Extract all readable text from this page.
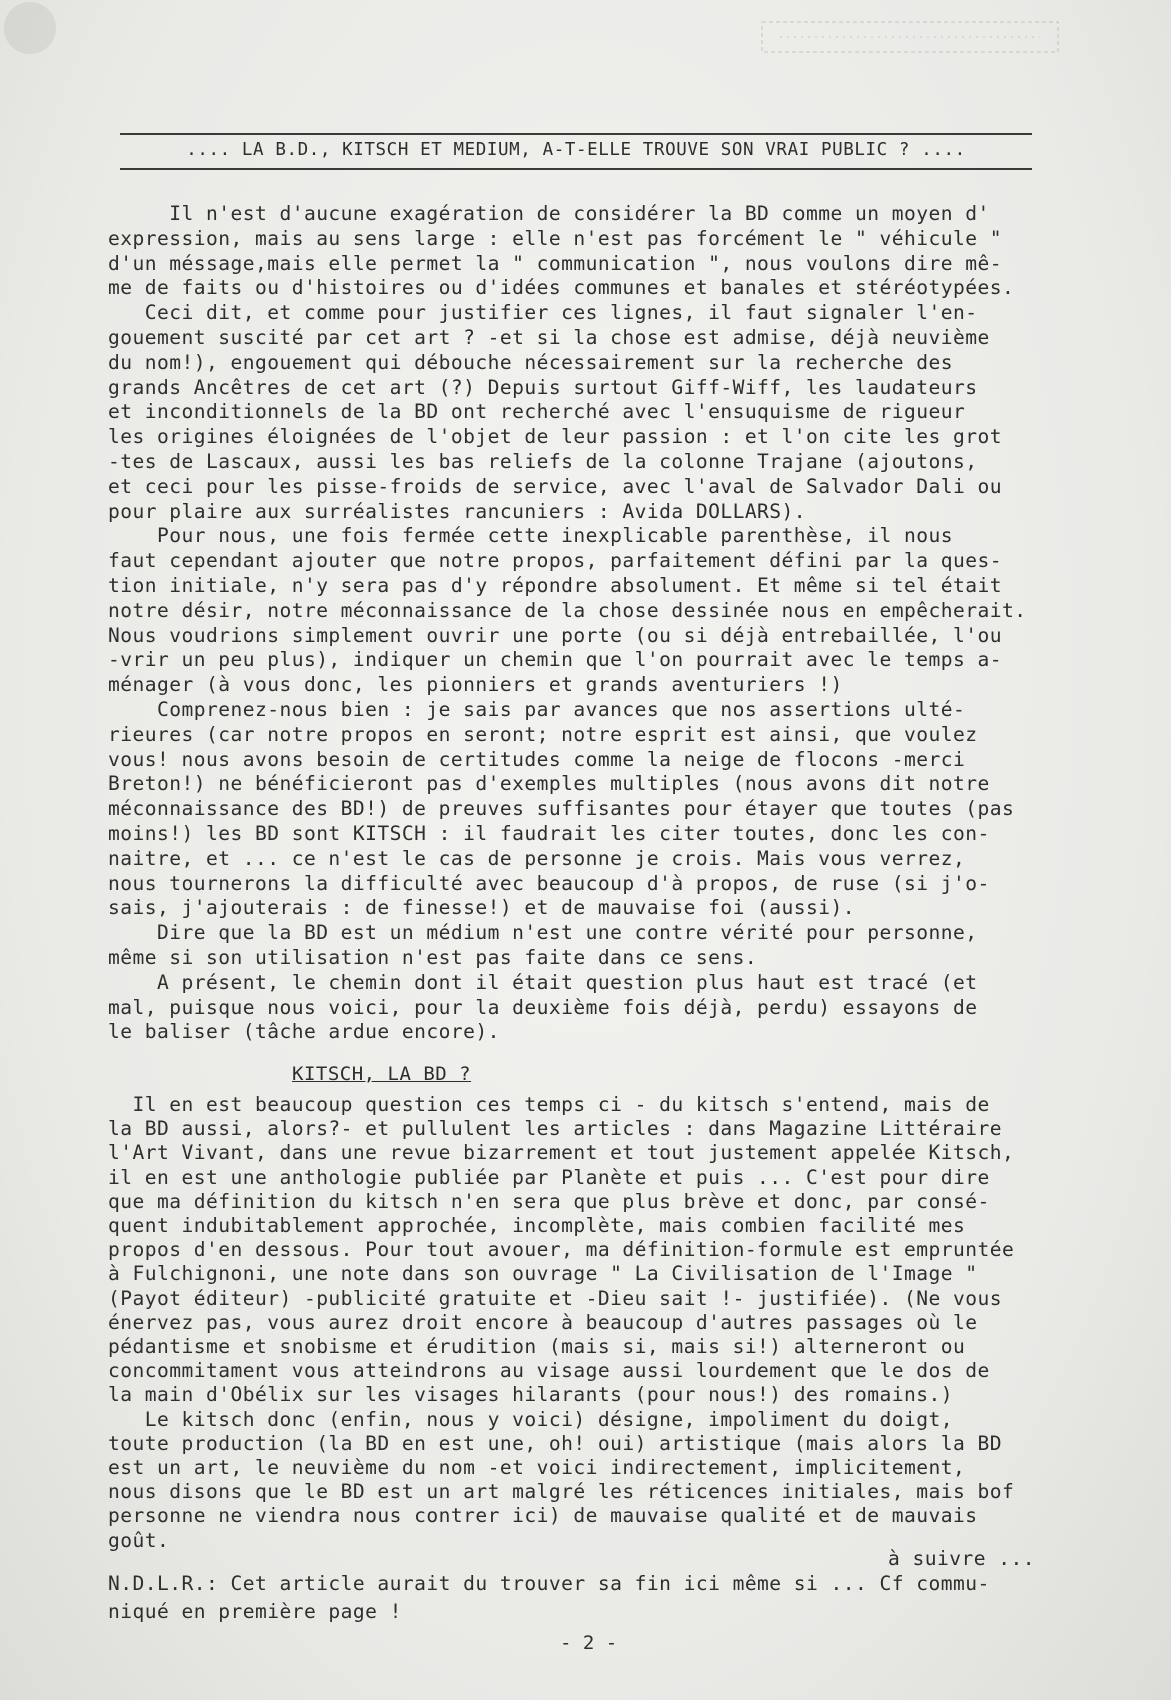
.... LA B.D., KITSCH ET MEDIUM, A-T-ELLE TROUVE SON VRAI PUBLIC ? ....
Il n'est d'aucune exagération de considérer la BD comme un moyen d'
expression, mais au sens large : elle n'est pas forcément le " véhicule "
d'un méssage,mais elle permet la " communication ", nous voulons dire mê-
me de faits ou d'histoires ou d'idées communes et banales et stéréotypées.
Ceci dit, et comme pour justifier ces lignes, il faut signaler l'en-
gouement suscité par cet art ? -et si la chose est admise, déjà neuvième
du nom!), engouement qui débouche nécessairement sur la recherche des
grands Ancêtres de cet art (?) Depuis surtout Giff-Wiff, les laudateurs
et inconditionnels de la BD ont recherché avec l'ensuquisme de rigueur
les origines éloignées de l'objet de leur passion : et l'on cite les grot
-tes de Lascaux, aussi les bas reliefs de la colonne Trajane (ajoutons,
et ceci pour les pisse-froids de service, avec l'aval de Salvador Dali ou
pour plaire aux surréalistes rancuniers : Avida DOLLARS).
Pour nous, une fois fermée cette inexplicable parenthèse, il nous
faut cependant ajouter que notre propos, parfaitement défini par la ques-
tion initiale, n'y sera pas d'y répondre absolument. Et même si tel était
notre désir, notre méconnaissance de la chose dessinée nous en empêcherait.
Nous voudrions simplement ouvrir une porte (ou si déjà entrebaillée, l'ou
-vrir un peu plus), indiquer un chemin que l'on pourrait avec le temps a-
ménager (à vous donc, les pionniers et grands aventuriers !)
Comprenez-nous bien : je sais par avances que nos assertions ulté-
rieures (car notre propos en seront; notre esprit est ainsi, que voulez
vous! nous avons besoin de certitudes comme la neige de flocons -merci
Breton!) ne bénéficieront pas d'exemples multiples (nous avons dit notre
méconnaissance des BD!) de preuves suffisantes pour étayer que toutes (pas
moins!) les BD sont KITSCH : il faudrait les citer toutes, donc les con-
naitre, et ... ce n'est le cas de personne je crois. Mais vous verrez,
nous tournerons la difficulté avec beaucoup d'à propos, de ruse (si j'o-
sais, j'ajouterais : de finesse!) et de mauvaise foi (aussi).
Dire que la BD est un médium n'est une contre vérité pour personne,
même si son utilisation n'est pas faite dans ce sens.
A présent, le chemin dont il était question plus haut est tracé (et
mal, puisque nous voici, pour la deuxième fois déjà, perdu) essayons de
le baliser (tâche ardue encore).
KITSCH, LA BD ?
Il en est beaucoup question ces temps ci - du kitsch s'entend, mais de
la BD aussi, alors?- et pullulent les articles : dans Magazine Littéraire
l'Art Vivant, dans une revue bizarrement et tout justement appelée Kitsch,
il en est une anthologie publiée par Planète et puis ... C'est pour dire
que ma définition du kitsch n'en sera que plus brève et donc, par consé-
quent indubitablement approchée, incomplète, mais combien facilité mes
propos d'en dessous. Pour tout avouer, ma définition-formule est empruntée
à Fulchignoni, une note dans son ouvrage " La Civilisation de l'Image "
(Payot éditeur) -publicité gratuite et -Dieu sait !- justifiée). (Ne vous
énervez pas, vous aurez droit encore à beaucoup d'autres passages où le
pédantisme et snobisme et érudition (mais si, mais si!) alterneront ou
concommitament vous atteindrons au visage aussi lourdement que le dos de
la main d'Obélix sur les visages hilarants (pour nous!) des romains.)
Le kitsch donc (enfin, nous y voici) désigne, impoliment du doigt,
toute production (la BD en est une, oh! oui) artistique (mais alors la BD
est un art, le neuvième du nom -et voici indirectement, implicitement,
nous disons que le BD est un art malgré les réticences initiales, mais bof
personne ne viendra nous contrer ici) de mauvaise qualité et de mauvais
goût.
à suivre ...
N.D.L.R.: Cet article aurait du trouver sa fin ici même si ... Cf commu-
niqué en première page !
- 2 -
